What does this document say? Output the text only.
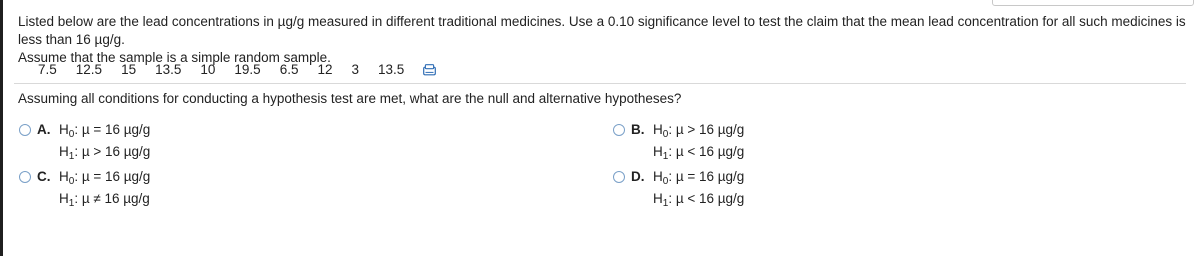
Listed below are the lead concentrations in µg/g measured in different traditional medicines. Use a 0.10 significance level to test the claim that the mean lead concentration for all such medicines is less than 16 µg/g.
Assume that the sample is a simple random sample.
7.5 12.5 15 13.5 10 19.5 6.5 12 3 13.5
Assuming all conditions for conducting a hypothesis test are met, what are the null and alternative hypotheses?
A. $H_0$: µ = 16 µg/g
$H_1$: µ > 16 µg/g
B. $H_0$: µ > 16 µg/g
$H_1$: µ < 16 µg/g
C. $H_0$: µ = 16 µg/g
$H_1$: µ ≠ 16 µg/g
D. $H_0$: µ = 16 µg/g
$H_1$: µ < 16 µg/g
